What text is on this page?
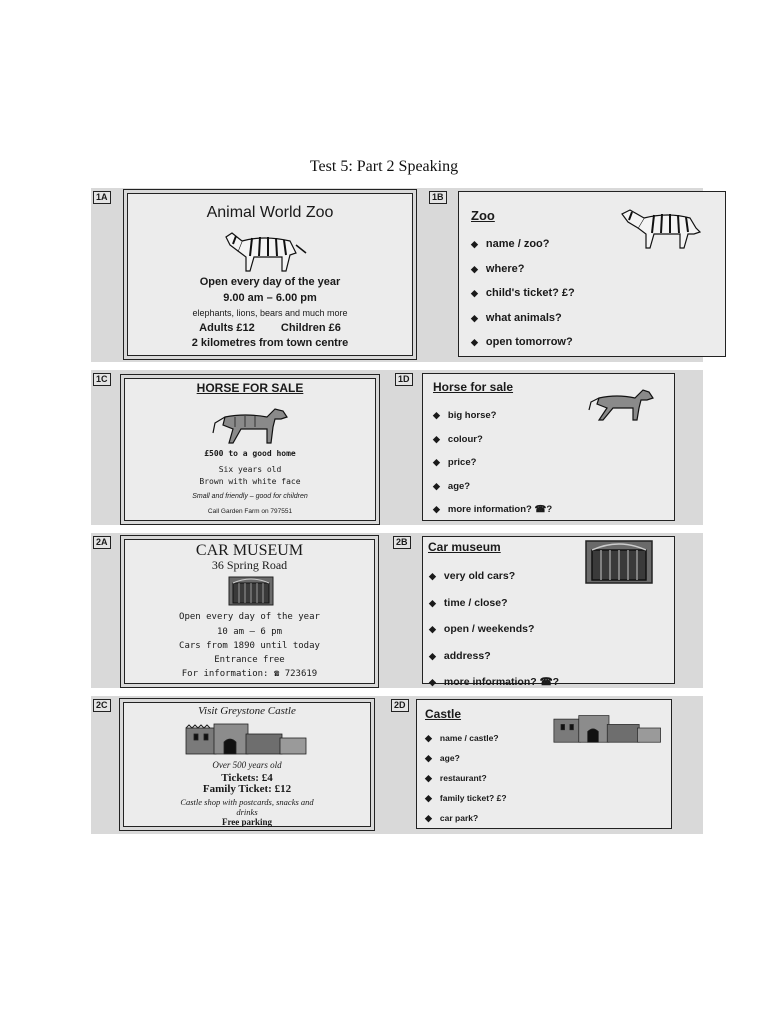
Test 5: Part 2 Speaking
1A
Animal World Zoo
Open every day of the year
9.00 am – 6.00 pm
elephants, lions, bears and much more
Adults £12 Children £6
2 kilometres from town centre
1B
Zoo
◆ name / zoo?
◆ where?
◆ child's ticket? £?
◆ what animals?
◆ open tomorrow?
1C
HORSE FOR SALE
£500 to a good home
Six years old
Brown with white face
Small and friendly – good for children
Call Garden Farm on 797551
1D
Horse for sale
◆ big horse?
◆ colour?
◆ price?
◆ age?
◆ more information? ☎?
2A	CAR MUSEUM
36 Spring Road
Open every day of the year
10 am – 6 pm
Cars from 1890 until today
Entrance free
For information: ☎ 723619
2B Car museum
◆ very old cars?
◆ time / close?
◆ open / weekends?
◆ address?
◆ more information? ☎?
2C	Visit Greystone Castle
Over 500 years old
Tickets: £4
Family Ticket: £12
Castle shop with postcards, snacks and
drinks
Free parking
2D
Castle
◆ name / castle?
◆ age?
◆ restaurant?
◆ family ticket? £?
◆ car park?
